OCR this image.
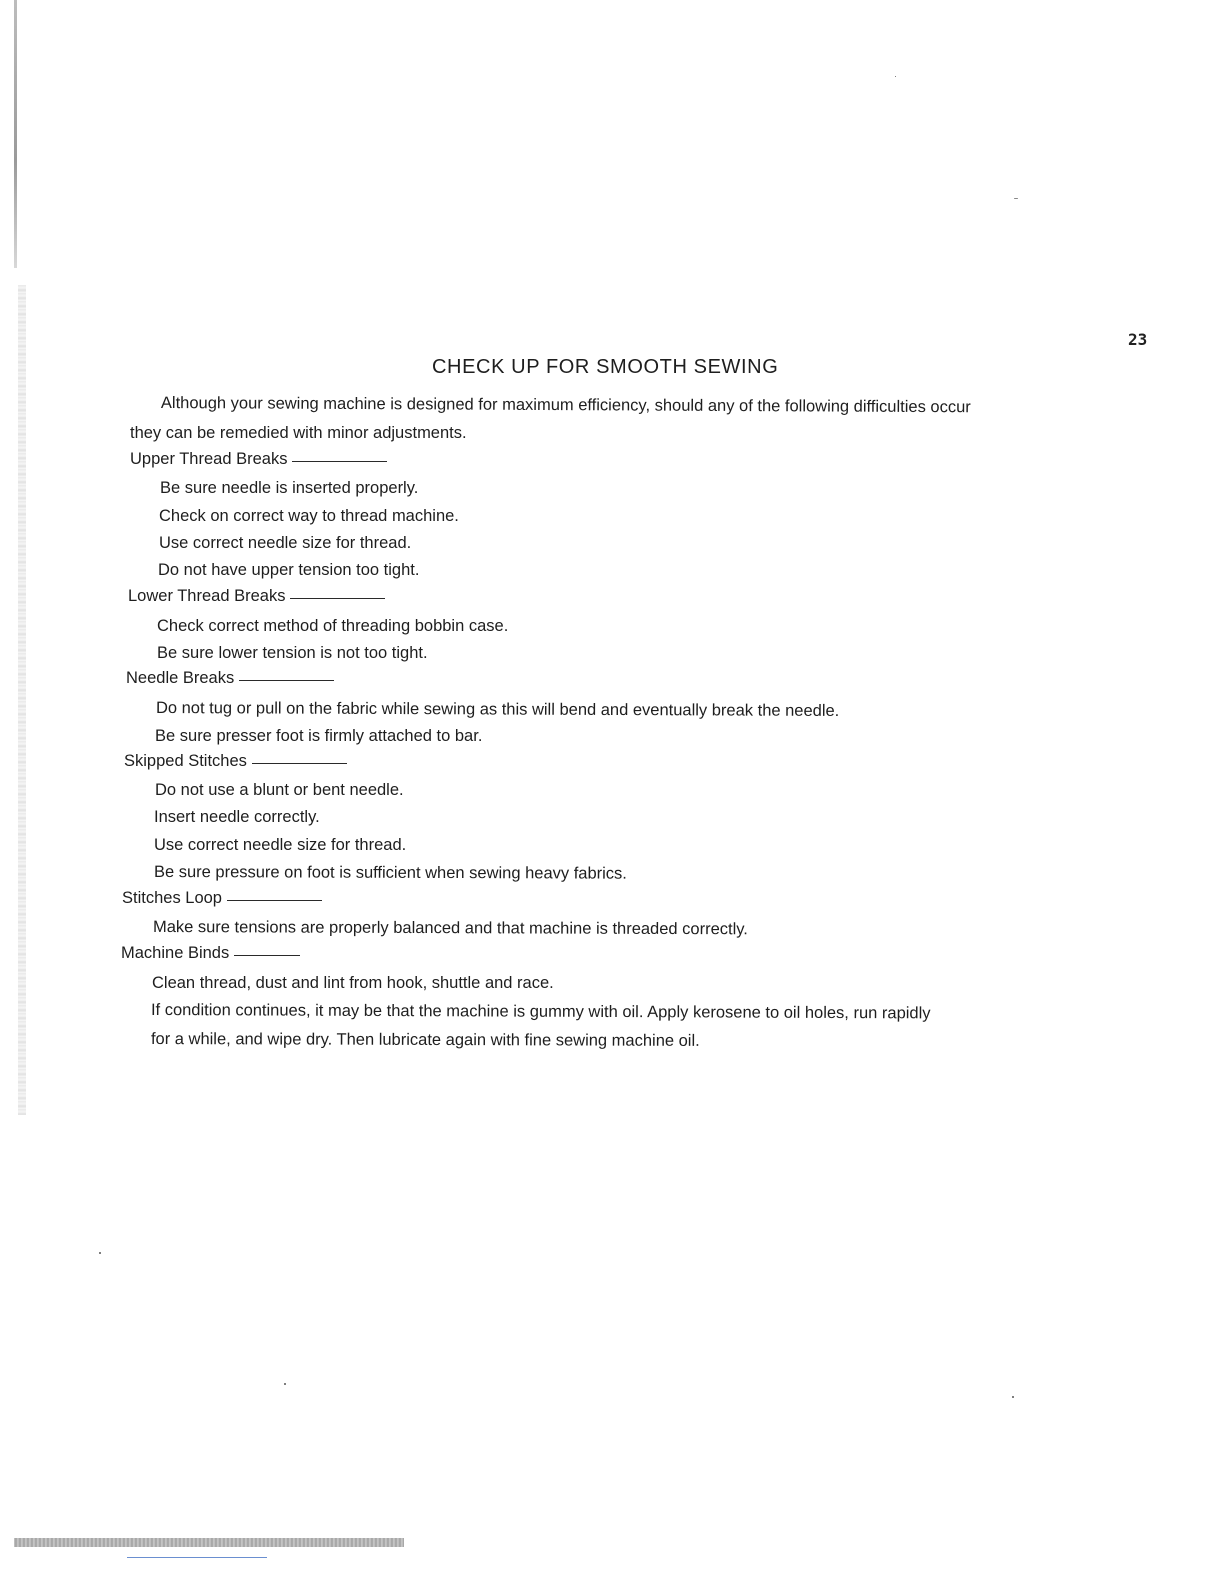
23
CHECK UP FOR SMOOTH SEWING
Although your sewing machine is designed for maximum efficiency, should any of the following difficulties occur
they can be remedied with minor adjustments.
Upper Thread Breaks
Be sure needle is inserted properly.
Check on correct way to thread machine.
Use correct needle size for thread.
Do not have upper tension too tight.
Lower Thread Breaks
Check correct method of threading bobbin case.
Be sure lower tension is not too tight.
Needle Breaks
Do not tug or pull on the fabric while sewing as this will bend and eventually break the needle.
Be sure presser foot is firmly attached to bar.
Skipped Stitches
Do not use a blunt or bent needle.
Insert needle correctly.
Use correct needle size for thread.
Be sure pressure on foot is sufficient when sewing heavy fabrics.
Stitches Loop
Make sure tensions are properly balanced and that machine is threaded correctly.
Machine Binds
Clean thread, dust and lint from hook, shuttle and race.
If condition continues, it may be that the machine is gummy with oil. Apply kerosene to oil holes, run rapidly
for a while, and wipe dry. Then lubricate again with fine sewing machine oil.
